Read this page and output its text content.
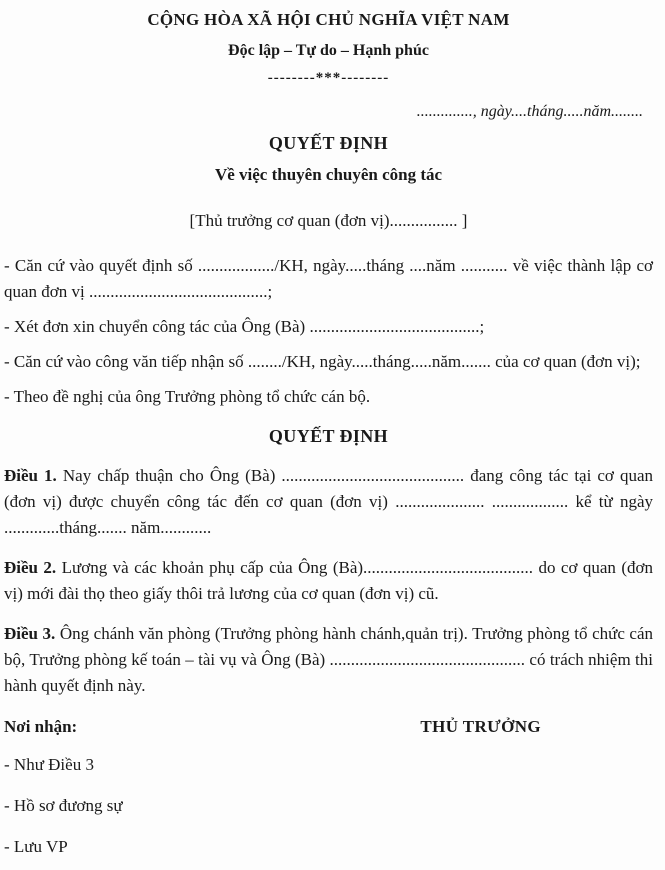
CỘNG HÒA XÃ HỘI CHỦ NGHĨA VIỆT NAM
Độc lập – Tự do – Hạnh phúc
--------***--------
.............., ngày....tháng.....năm........
QUYẾT ĐỊNH
Về việc thuyên chuyên công tác
[Thủ trưởng cơ quan (đơn vị)................ ]

- Căn cứ vào quyết định số ................../KH, ngày.....tháng ....năm ........... về việc thành lập cơ quan đơn vị ..........................................;

- Xét đơn xin chuyển công tác của Ông (Bà) ........................................;

- Căn cứ vào công văn tiếp nhận số ......../KH, ngày.....tháng.....năm....... của cơ quan (đơn vị);

- Theo đề nghị của ông Trưởng phòng tổ chức cán bộ.

QUYẾT ĐỊNH

Điều 1. Nay chấp thuận cho Ông (Bà) ........................................... đang công tác tại cơ quan (đơn vị) được chuyển công tác đến cơ quan (đơn vị) ..................... .................. kể từ ngày .............tháng....... năm............

Điều 2. Lương và các khoản phụ cấp của Ông (Bà)........................................ do cơ quan (đơn vị) mới đài thọ theo giấy thôi trả lương của cơ quan (đơn vị) cũ.

Điều 3. Ông chánh văn phòng (Trưởng phòng hành chánh,quản trị). Trưởng phòng tổ chức cán bộ, Trưởng phòng kế toán – tài vụ và Ông (Bà) .............................................. có trách nhiệm thi hành quyết định này.

Nơi nhận:	THỦ TRƯỞNG

- Như Điều 3

- Hồ sơ đương sự

- Lưu VP
